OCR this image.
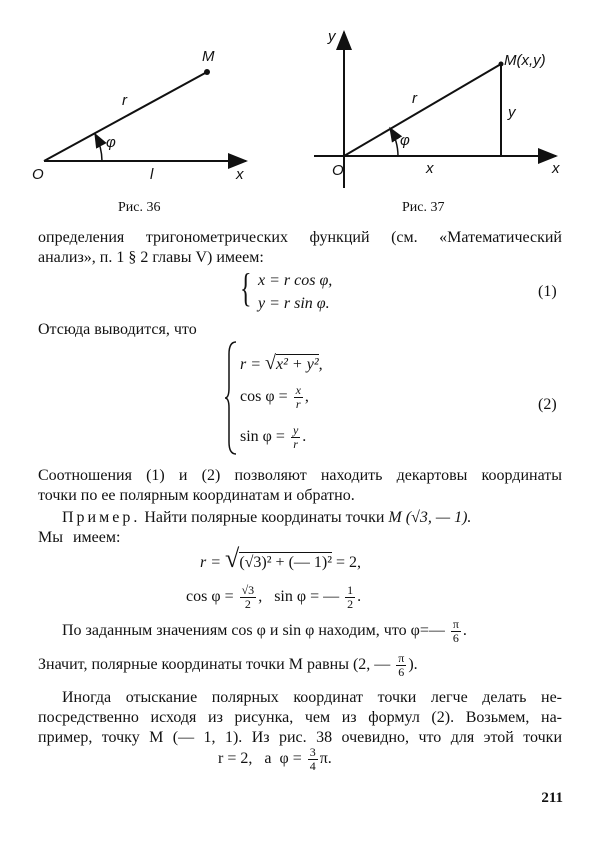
M
r
φ
O	l	x
Рис. 36
y
M(x,y)
r
φ
y
x
O	x
Рис. 37
определения тригонометрических функций (см. «Математический
анализ», п. 1 § 2 главы V) имеем:
{ x = r cos φ,
y = r sin φ.
(1)
Отсюда выводится, что
r = √x² + y²,
$\cos \varphi = \frac{x}{r}$ ,
$\sin \varphi = \frac{y}{r}$ .
(2)
Соотношения (1) и (2) позволяют находить декартовы координаты
точки по ее полярным координатам и обратно.
Пример. Найти полярные координаты точки M (√3, — 1).
Мы имеем:
r = √(√3)² + (— 1)² = 2,
$\cos \varphi = \frac{√3}{2}$ ,   sin φ = — $\frac{1}{2}$ .
По заданным значениям cos φ и sin φ находим, что φ=— $\frac{\pi}{6}$ .
Значит, полярные координаты точки M равны (2, — $\frac{\pi}{6}$ ).
Иногда отыскание полярных координат точки легче делать не-
посредственно исходя из рисунка, чем из формул (2). Возьмем, на-
пример, точку M (— 1, 1). Из рис. 38 очевидно, что для этой точки
r = 2,   а  $\varphi = \frac{3}{4} \pi$.
211
